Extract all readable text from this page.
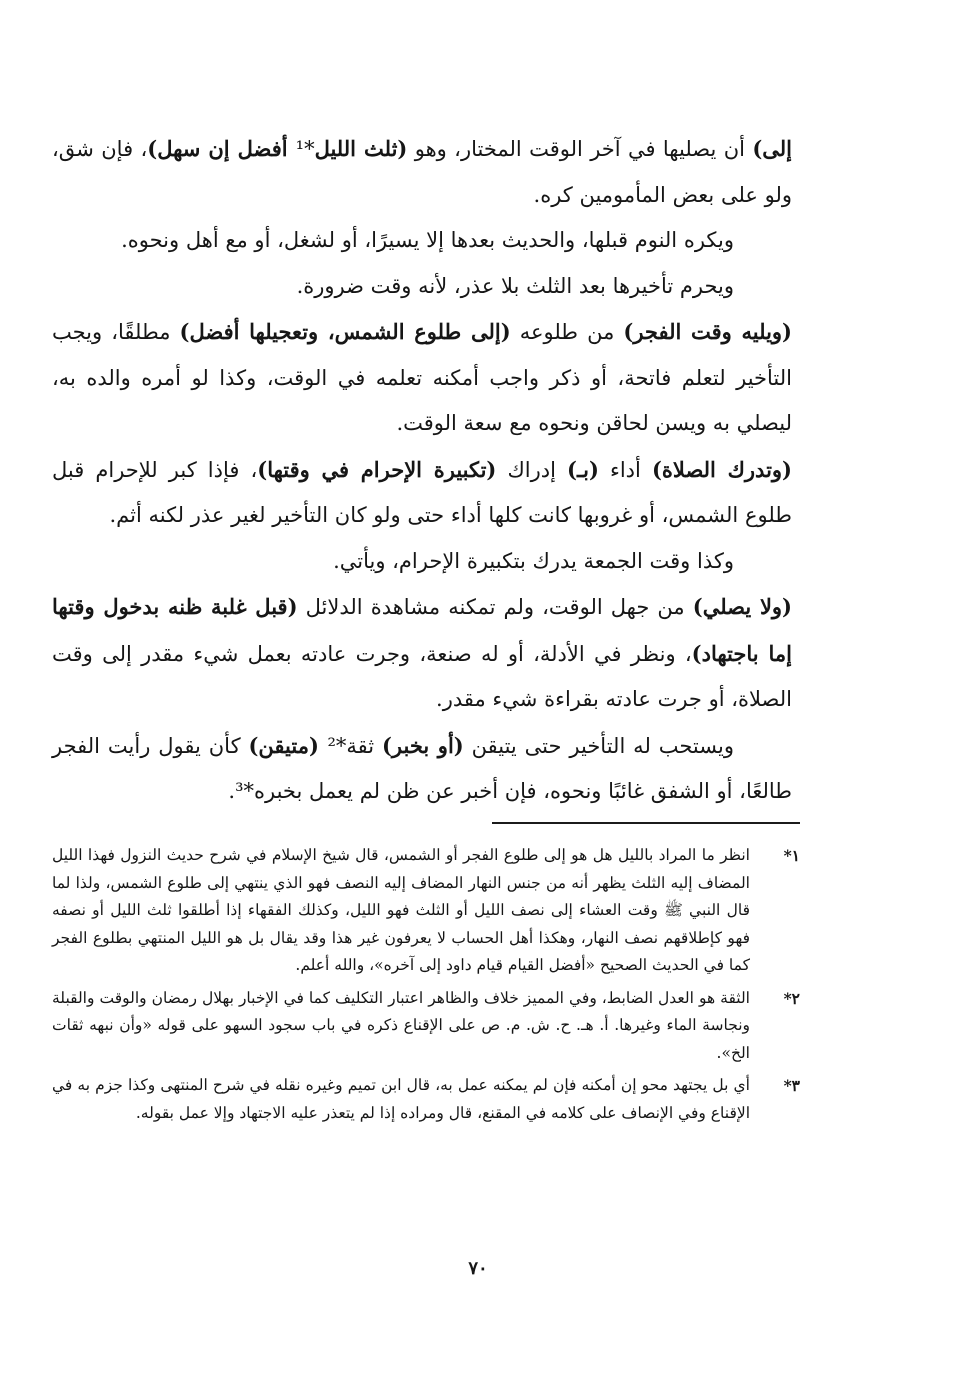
إلى) أن يصليها في آخر الوقت المختار، وهو (ثلث الليل*¹ أفضل إن سهل)، فإن شق، ولو على بعض المأمومين كره.

ويكره النوم قبلها، والحديث بعدها إلا يسيرًا، أو لشغل، أو مع أهل ونحوه.

ويحرم تأخيرها بعد الثلث بلا عذر، لأنه وقت ضرورة.

(ويليه وقت الفجر) من طلوعه (إلى طلوع الشمس، وتعجيلها أفضل) مطلقًا، ويجب التأخير لتعلم فاتحة، أو ذكر واجب أمكنه تعلمه في الوقت، وكذا لو أمره والده به، ليصلي به ويسن لحاقن ونحوه مع سعة الوقت.

(وتدرك الصلاة) أداء (بـ) إدراك (تكبيرة الإحرام في وقتها)، فإذا كبر للإحرام قبل طلوع الشمس، أو غروبها كانت كلها أداء حتى ولو كان التأخير لغير عذر لكنه أثم.

وكذا وقت الجمعة يدرك بتكبيرة الإحرام، ويأتي.

(ولا يصلي) من جهل الوقت، ولم تمكنه مشاهدة الدلائل (قبل غلبة ظنه بدخول وقتها إما باجتهاد)، ونظر في الأدلة، أو له صنعة، وجرت عادته بعمل شيء مقدر إلى وقت الصلاة، أو جرت عادته بقراءة شيء مقدر.

ويستحب له التأخير حتى يتيقن (أو بخبر) ثقة*² (متيقن) كأن يقول رأيت الفجر طالعًا، أو الشفق غائبًا ونحوه، فإن أخبر عن ظن لم يعمل بخبره*³.

١*
انظر ما المراد بالليل هل هو إلى طلوع الفجر أو الشمس، قال شيخ الإسلام في شرح حديث النزول فهذا الليل المضاف إليه الثلث يظهر أنه من جنس النهار المضاف إليه النصف فهو الذي ينتهي إلى طلوع الشمس، ولذا لما قال النبي ﷺ وقت العشاء إلى نصف الليل أو الثلث فهو الليل، وكذلك الفقهاء إذا أطلقوا ثلث الليل أو نصفه فهو كإطلاقهم نصف النهار، وهكذا أهل الحساب لا يعرفون غير هذا وقد يقال بل هو الليل المنتهي بطلوع الفجر كما في الحديث الصحيح «أفضل القيام قيام داود إلى آخره»، والله أعلم.
٢*
الثقة هو العدل الضابط، وفي المميز خلاف والظاهر اعتبار التكليف كما في الإخبار بهلال رمضان والوقت والقبلة ونجاسة الماء وغيرها. أ. هـ. ح. ش. م. ص على الإقناع ذكره في باب سجود السهو على قوله «وأن نبهه ثقات الخ».
٣*
أي بل يجتهد محو إن أمكنه فإن لم يمكنه عمل به، قال ابن تميم وغيره نقله في شرح المنتهى وكذا جزم به في الإقناع وفي الإنصاف على كلامه في المقنع، قال ومراده إذا لم يتعذر عليه الاجتهاد وإلا عمل بقوله.
٧٠
